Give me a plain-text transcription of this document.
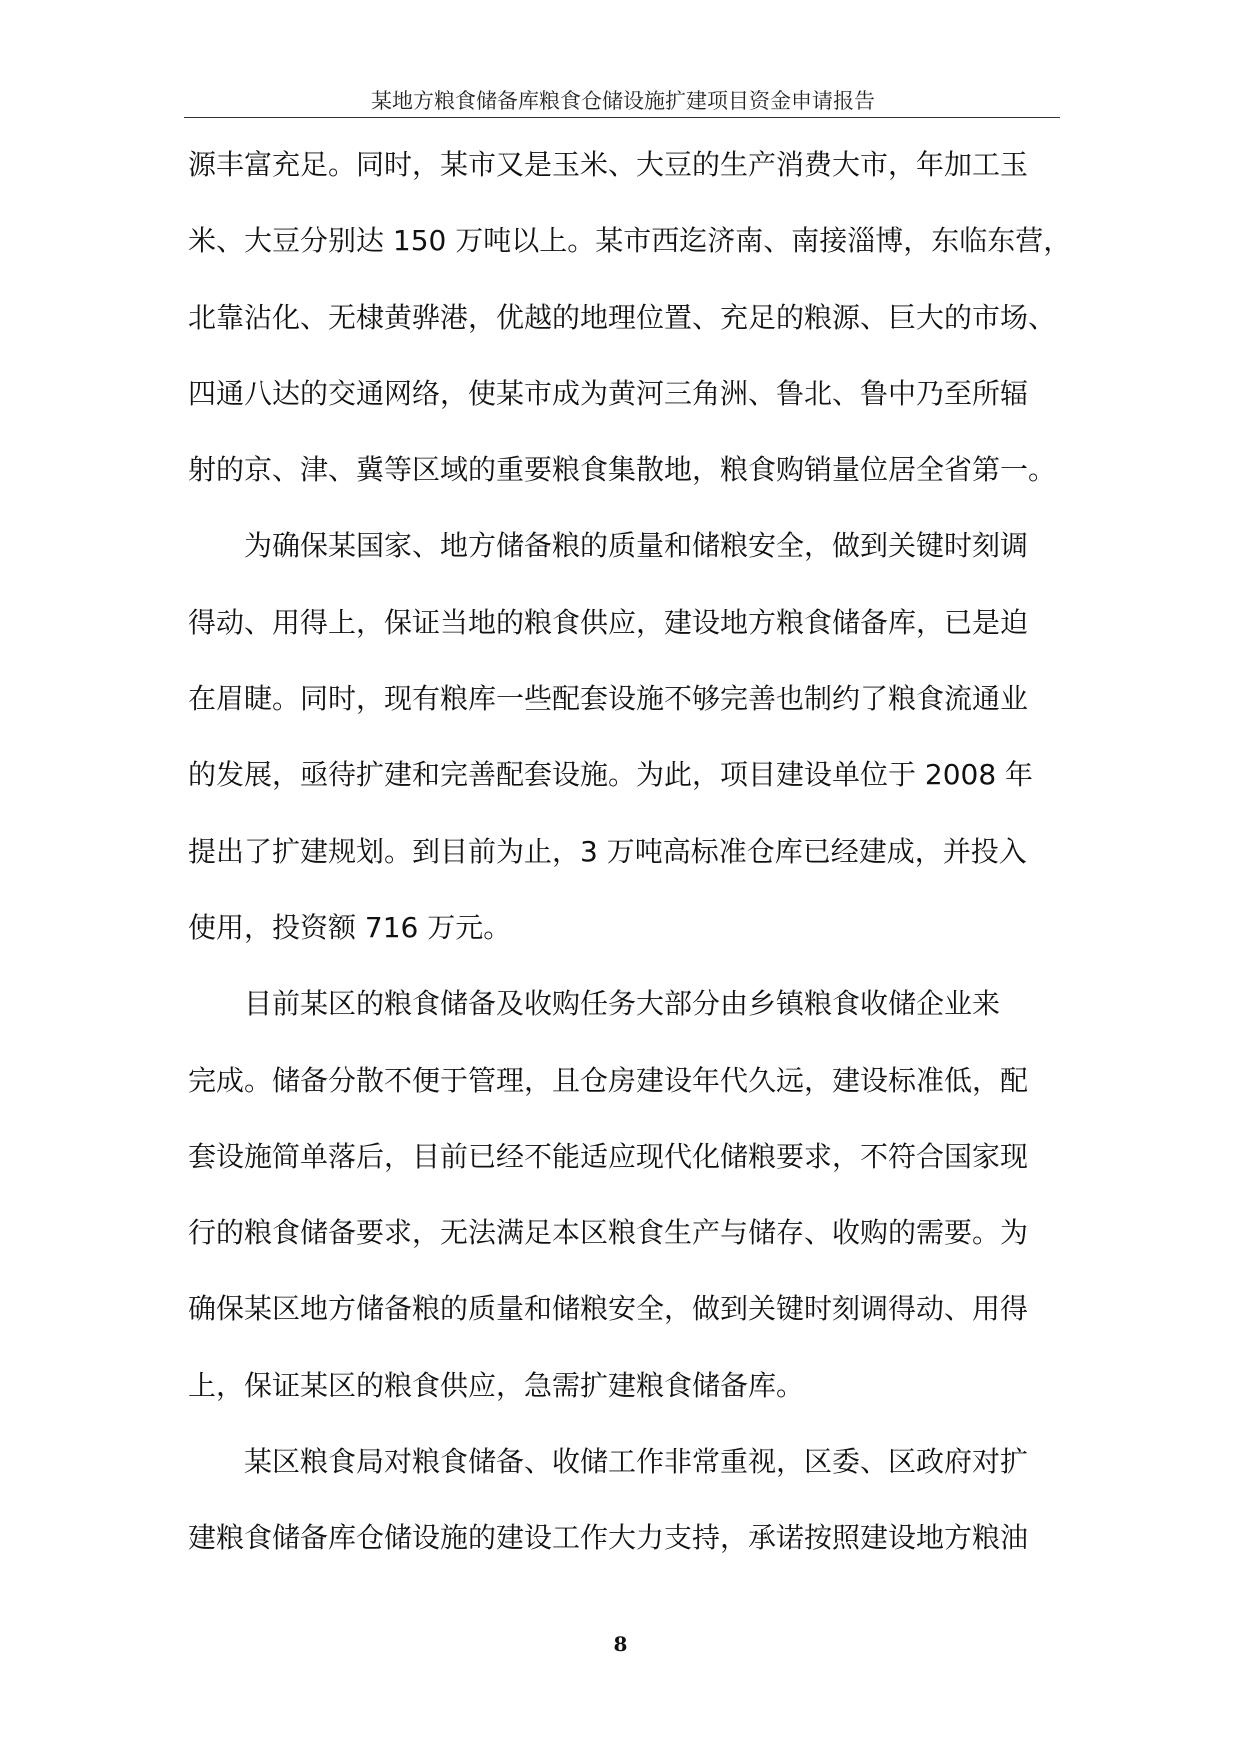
某地方粮食储备库粮食仓储设施扩建项目资金申请报告
源丰富充足。同时，某市又是玉米、大豆的生产消费大市，年加工玉
米、大豆分别达 150 万吨以上。某市西迄济南、南接淄博，东临东营，
北靠沾化、无棣黄骅港，优越的地理位置、充足的粮源、巨大的市场、
四通八达的交通网络，使某市成为黄河三角洲、鲁北、鲁中乃至所辐
射的京、津、冀等区域的重要粮食集散地，粮食购销量位居全省第一。
为确保某国家、地方储备粮的质量和储粮安全，做到关键时刻调
得动、用得上，保证当地的粮食供应，建设地方粮食储备库，已是迫
在眉睫。同时，现有粮库一些配套设施不够完善也制约了粮食流通业
的发展，亟待扩建和完善配套设施。为此，项目建设单位于 2008 年
提出了扩建规划。到目前为止，3 万吨高标准仓库已经建成，并投入
使用，投资额 716 万元。
目前某区的粮食储备及收购任务大部分由乡镇粮食收储企业来
完成。储备分散不便于管理，且仓房建设年代久远，建设标准低，配
套设施简单落后，目前已经不能适应现代化储粮要求，不符合国家现
行的粮食储备要求，无法满足本区粮食生产与储存、收购的需要。为
确保某区地方储备粮的质量和储粮安全，做到关键时刻调得动、用得
上，保证某区的粮食供应，急需扩建粮食储备库。
某区粮食局对粮食储备、收储工作非常重视，区委、区政府对扩
建粮食储备库仓储设施的建设工作大力支持，承诺按照建设地方粮油
8
